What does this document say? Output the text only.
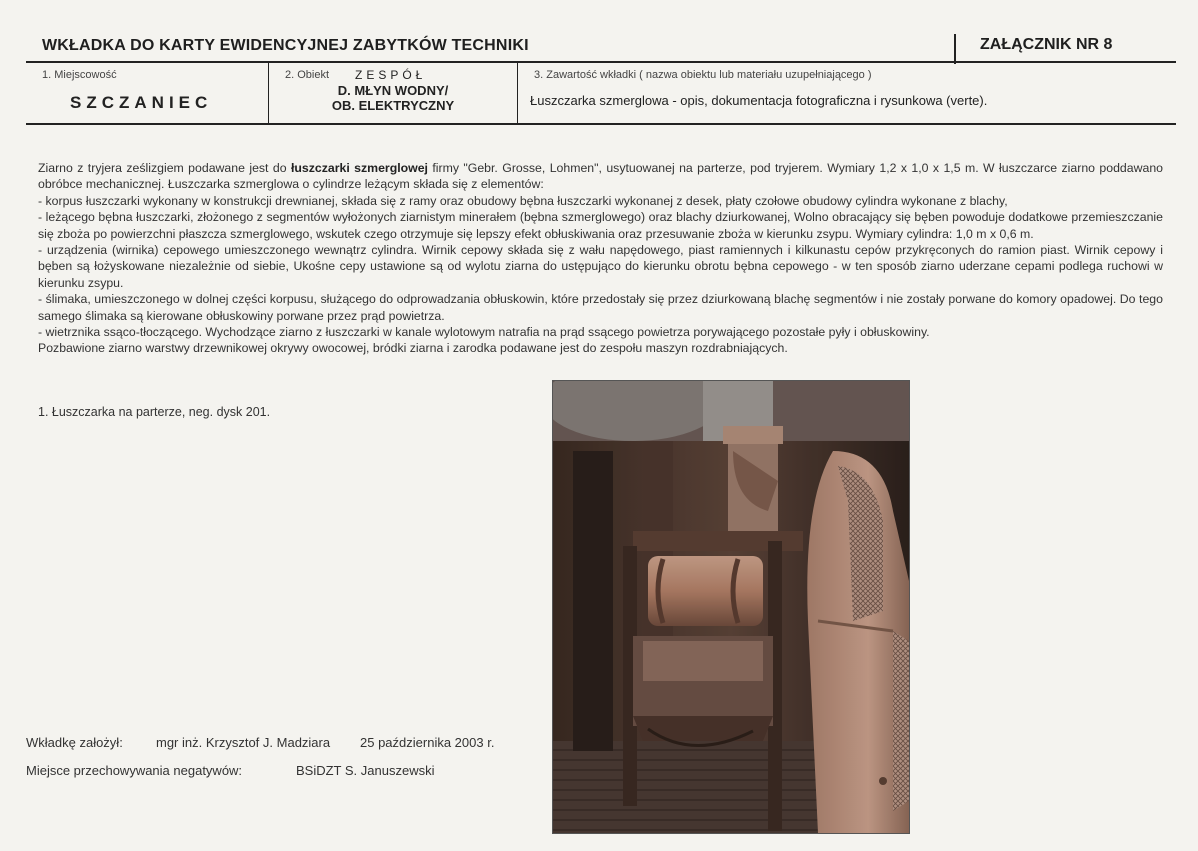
WKŁADKA DO KARTY EWIDENCYJNEJ ZABYTKÓW TECHNIKI	ZAŁĄCZNIK NR 8
1. Miejscowość
SZCZANIEC
2. Obiekt ZESPÓŁ
D. MŁYN WODNY/
OB. ELEKTRYCZNY
3. Zawartość wkładki ( nazwa obiektu lub materiału uzupełniającego )
Łuszczarka szmerglowa - opis, dokumentacja fotograficzna i rysunkowa (verte).

Ziarno z tryjera ześlizgiem podawane jest do łuszczarki szmerglowej firmy "Gebr. Grosse, Lohmen", usytuowanej na parterze, pod tryjerem. Wymiary 1,2 x 1,0 x 1,5 m. W łuszczarce ziarno poddawano obróbce mechanicznej. Łuszczarka szmerglowa o cylindrze leżącym składa się z elementów:

- korpus łuszczarki wykonany w konstrukcji drewnianej, składa się z ramy oraz obudowy bębna łuszczarki wykonanej z desek, płaty czołowe obudowy cylindra wykonane z blachy,

- leżącego bębna łuszczarki, złożonego z segmentów wyłożonych ziarnistym minerałem (bębna szmerglowego) oraz blachy dziurkowanej, Wolno obracający się bęben powoduje dodatkowe przemieszczanie się zboża po powierzchni płaszcza szmerglowego, wskutek czego otrzymuje się lepszy efekt obłuskiwania oraz przesuwanie zboża w kierunku zsypu. Wymiary cylindra: 1,0 m x 0,6 m.

- urządzenia (wirnika) cepowego umieszczonego wewnątrz cylindra. Wirnik cepowy składa się z wału napędowego, piast ramiennych i kilkunastu cepów przykręconych do ramion piast. Wirnik cepowy i bęben są łożyskowane niezależnie od siebie, Ukośne cepy ustawione są od wylotu ziarna do ustępująco do kierunku obrotu bębna cepowego - w ten sposób ziarno uderzane cepami podlega ruchowi w kierunku zsypu.

- ślimaka, umieszczonego w dolnej części korpusu, służącego do odprowadzania obłuskowin, które przedostały się przez dziurkowaną blachę segmentów i nie zostały porwane do komory opadowej. Do tego samego ślimaka są kierowane obłuskowiny porwane przez prąd powietrza.

- wietrznika ssąco-tłoczącego. Wychodzące ziarno z łuszczarki w kanale wylotowym natrafia na prąd ssącego powietrza porywającego pozostałe pyły i obłuskowiny.

Pozbawione ziarno warstwy drzewnikowej okrywy owocowej, bródki ziarna i zarodka podawane jest do zespołu maszyn rozdrabniających.

1. Łuszczarka na parterze, neg. dysk 201.
Wkładkę założył:	mgr inż. Krzysztof J. Madziara 25 października 2003 r.
Miejsce przechowywania negatywów:	BSiDZT S. Januszewski
